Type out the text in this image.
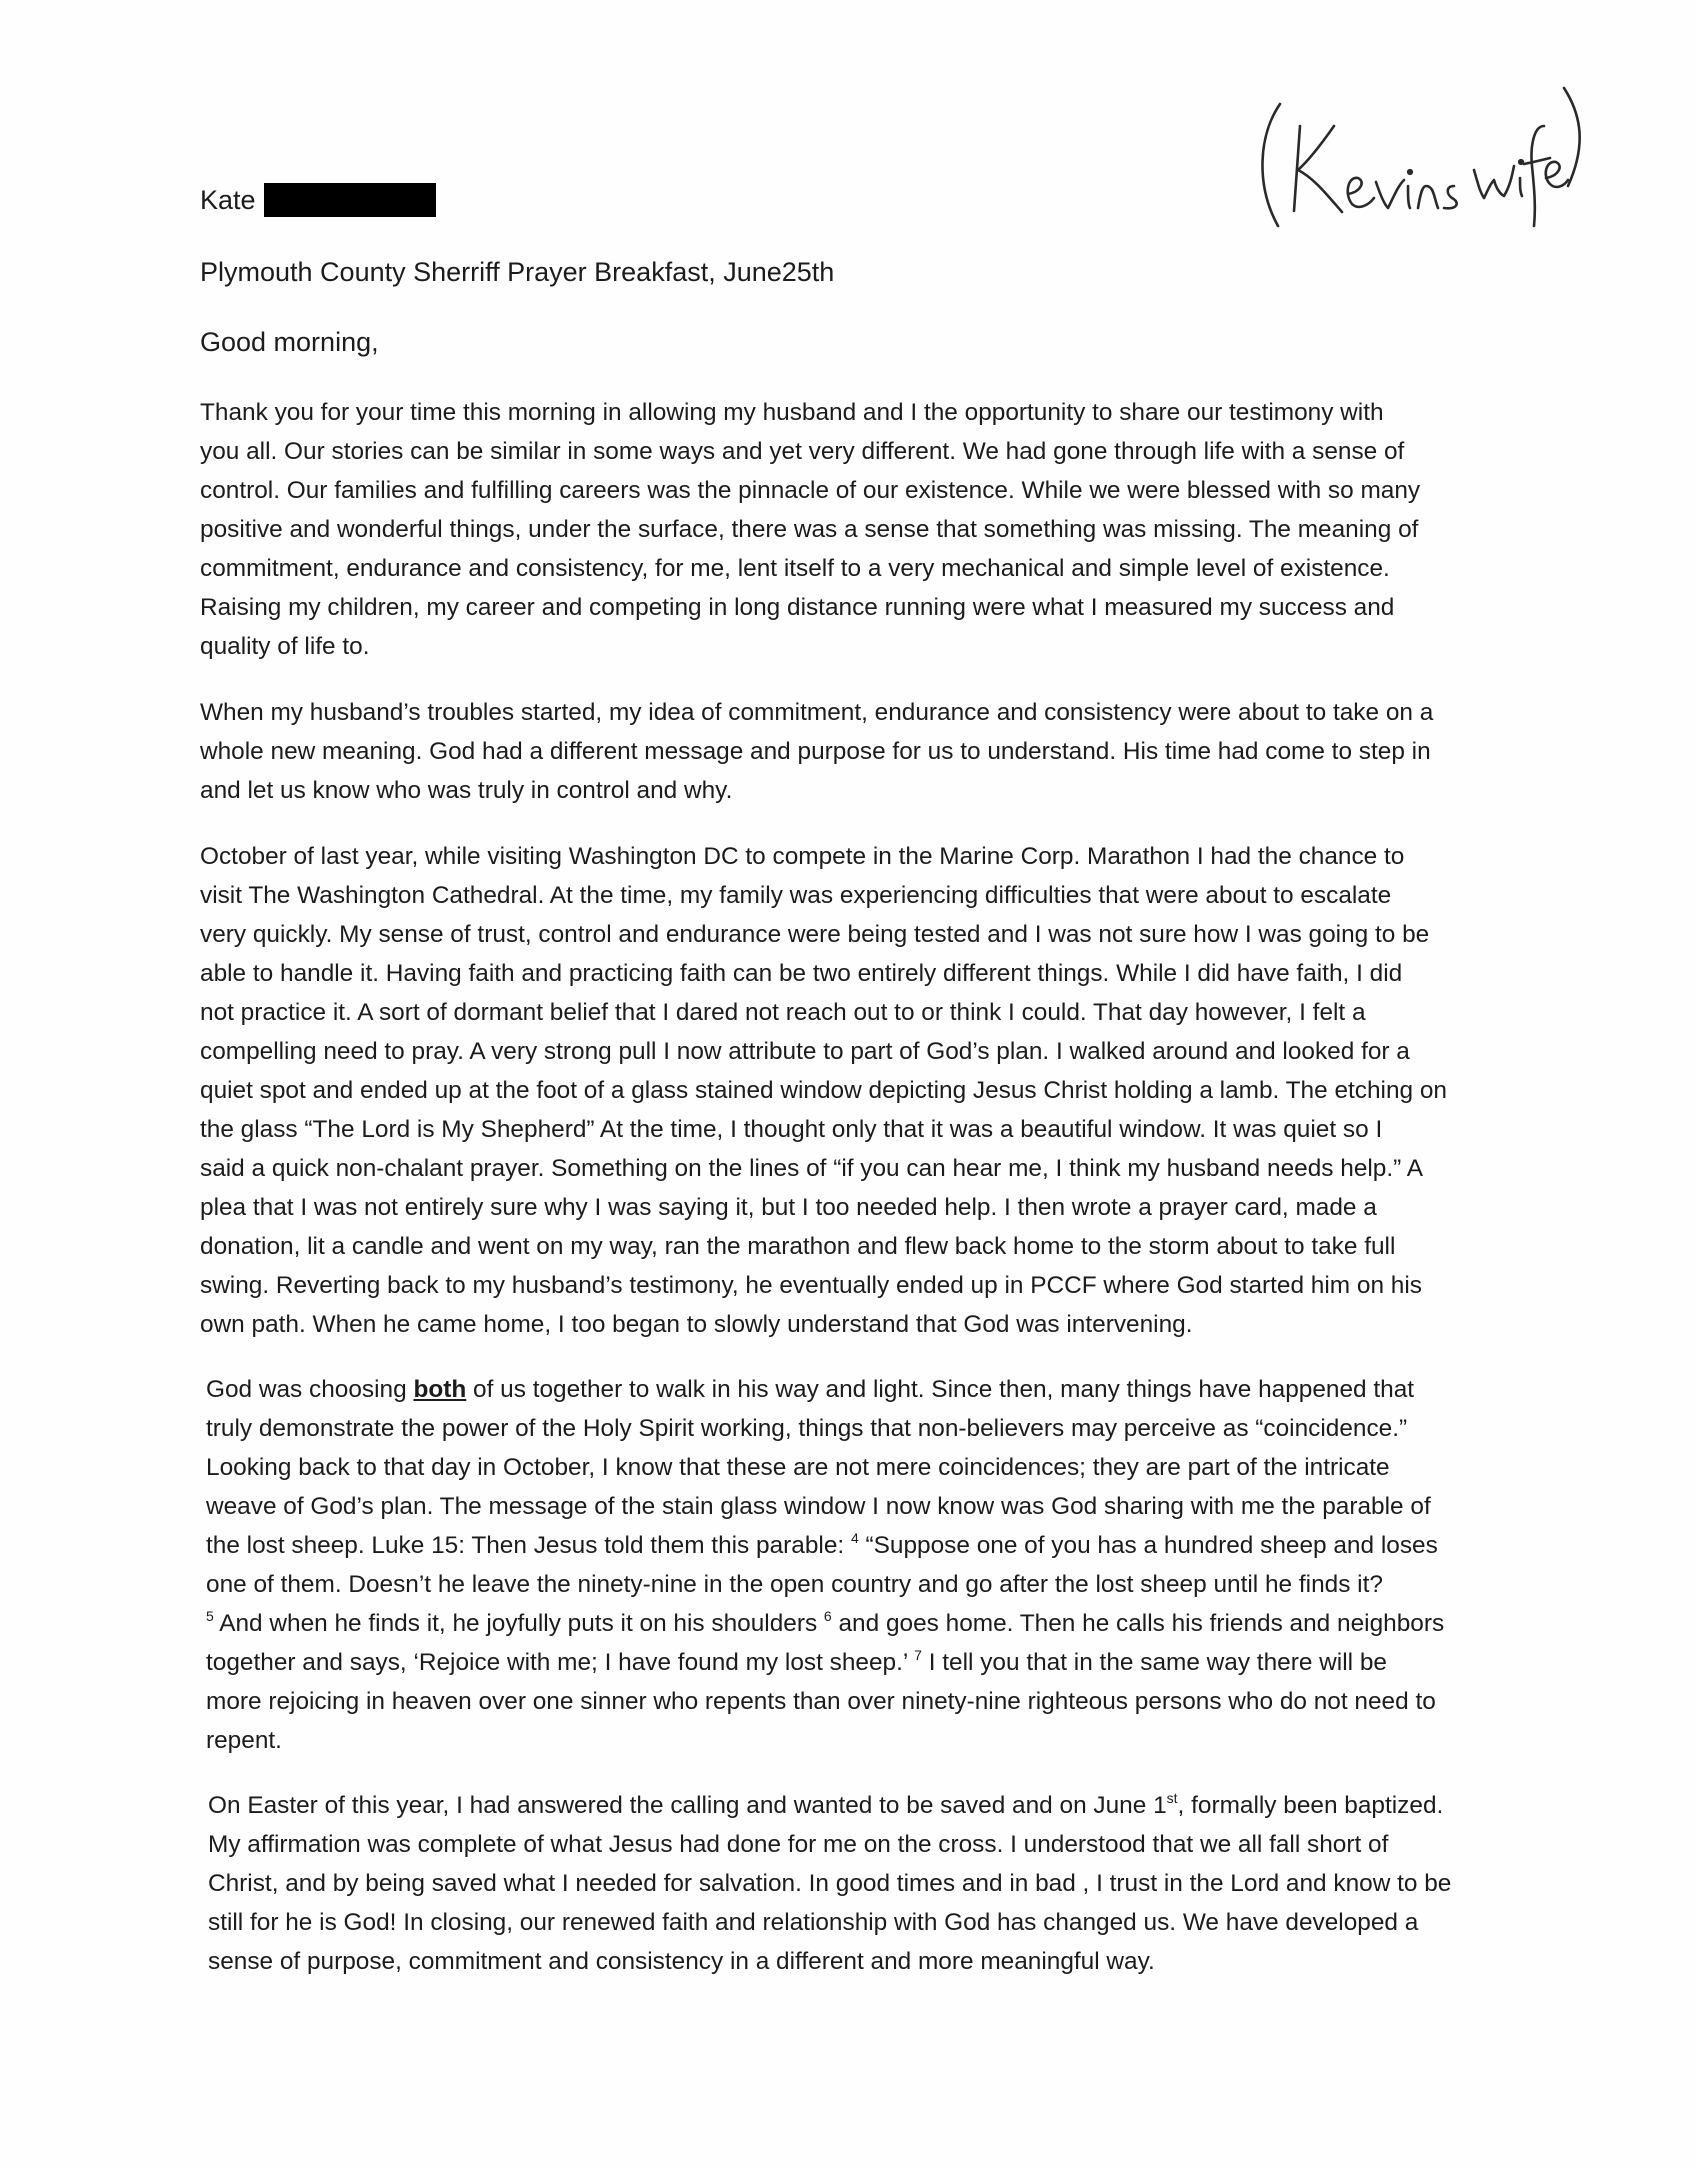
Kate
Plymouth County Sherriff Prayer Breakfast, June25th
Good morning,
Thank you for your time this morning in allowing my husband and I the opportunity to share our testimony with
you all. Our stories can be similar in some ways and yet very different. We had gone through life with a sense of
control. Our families and fulfilling careers was the pinnacle of our existence. While we were blessed with so many
positive and wonderful things, under the surface, there was a sense that something was missing. The meaning of
commitment, endurance and consistency, for me, lent itself to a very mechanical and simple level of existence.
Raising my children, my career and competing in long distance running were what I measured my success and
quality of life to.
When my husband’s troubles started, my idea of commitment, endurance and consistency were about to take on a
whole new meaning. God had a different message and purpose for us to understand. His time had come to step in
and let us know who was truly in control and why.
October of last year, while visiting Washington DC to compete in the Marine Corp. Marathon I had the chance to
visit The Washington Cathedral. At the time, my family was experiencing difficulties that were about to escalate
very quickly. My sense of trust, control and endurance were being tested and I was not sure how I was going to be
able to handle it. Having faith and practicing faith can be two entirely different things. While I did have faith, I did
not practice it. A sort of dormant belief that I dared not reach out to or think I could. That day however, I felt a
compelling need to pray. A very strong pull I now attribute to part of God’s plan. I walked around and looked for a
quiet spot and ended up at the foot of a glass stained window depicting Jesus Christ holding a lamb. The etching on
the glass “The Lord is My Shepherd” At the time, I thought only that it was a beautiful window. It was quiet so I
said a quick non-chalant prayer. Something on the lines of “if you can hear me, I think my husband needs help.” A
plea that I was not entirely sure why I was saying it, but I too needed help. I then wrote a prayer card, made a
donation, lit a candle and went on my way, ran the marathon and flew back home to the storm about to take full
swing. Reverting back to my husband’s testimony, he eventually ended up in PCCF where God started him on his
own path. When he came home, I too began to slowly understand that God was intervening.
God was choosing both of us together to walk in his way and light. Since then, many things have happened that
truly demonstrate the power of the Holy Spirit working, things that non-believers may perceive as “coincidence.”
Looking back to that day in October, I know that these are not mere coincidences; they are part of the intricate
weave of God’s plan. The message of the stain glass window I now know was God sharing with me the parable of
the lost sheep. Luke 15: Then Jesus told them this parable: $^4$ “Suppose one of you has a hundred sheep and loses
one of them. Doesn’t he leave the ninety-nine in the open country and go after the lost sheep until he finds it?
$^5$ And when he finds it, he joyfully puts it on his shoulders $^6$ and goes home. Then he calls his friends and neighbors
together and says, ‘Rejoice with me; I have found my lost sheep.’ $^7$ I tell you that in the same way there will be
more rejoicing in heaven over one sinner who repents than over ninety-nine righteous persons who do not need to
repent.
On Easter of this year, I had answered the calling and wanted to be saved and on June 1st, formally been baptized.
My affirmation was complete of what Jesus had done for me on the cross. I understood that we all fall short of
Christ, and by being saved what I needed for salvation. In good times and in bad , I trust in the Lord and know to be
still for he is God! In closing, our renewed faith and relationship with God has changed us. We have developed a
sense of purpose, commitment and consistency in a different and more meaningful way.
